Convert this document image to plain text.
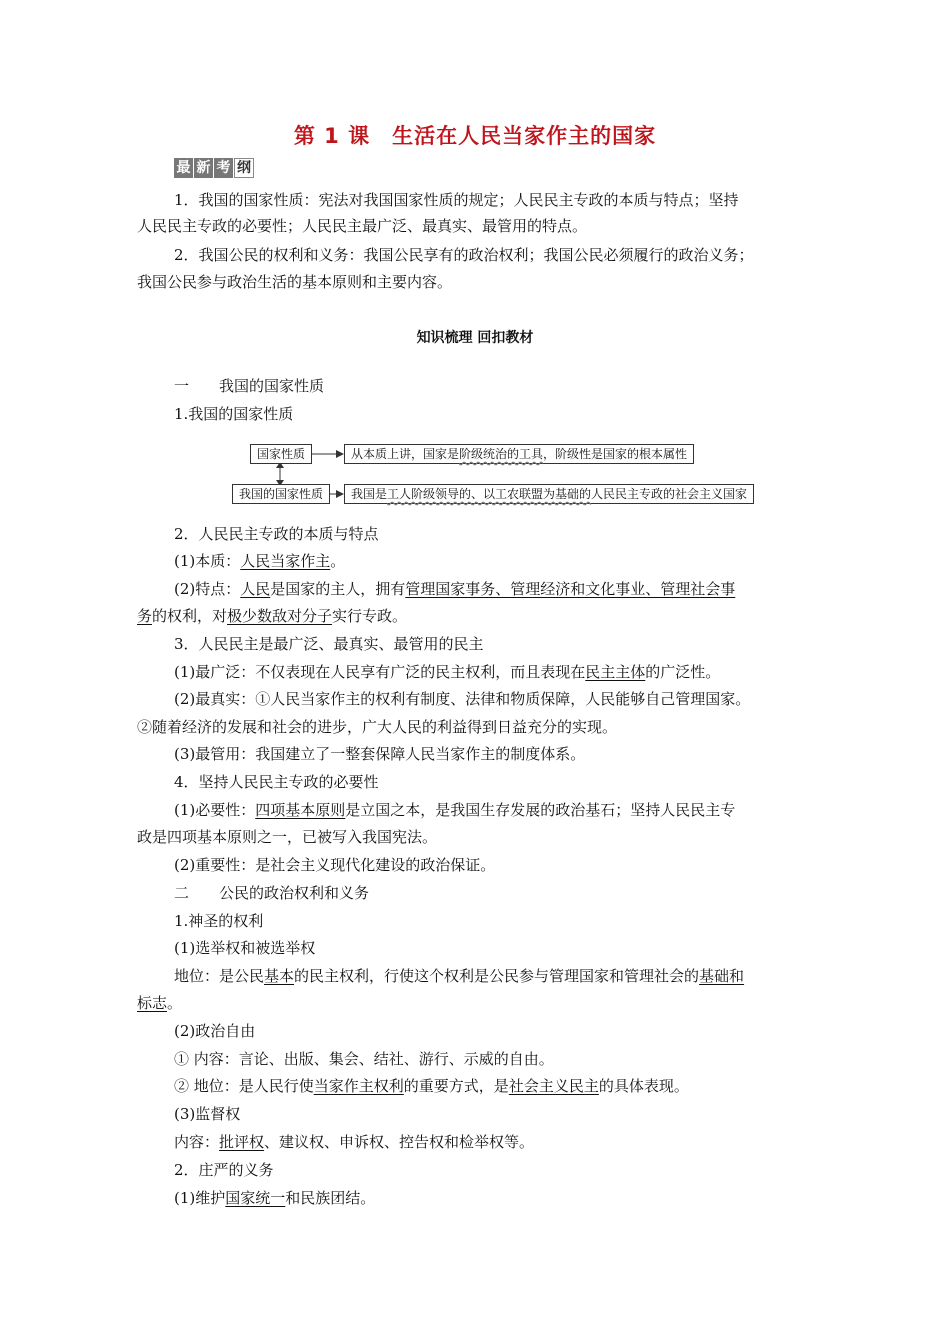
第 1 课　生活在人民当家作主的国家
最 新 考 纲
1．我国的国家性质：宪法对我国国家性质的规定；人民民主专政的本质与特点；坚持
人民民主专政的必要性；人民民主最广泛、最真实、最管用的特点。
2．我国公民的权利和义务：我国公民享有的政治权利；我国公民必须履行的政治义务；
我国公民参与政治生活的基本原则和主要内容。
知识梳理 回扣教材
一　　我国的国家性质
1.我国的国家性质
国家性质	从本质上讲，国家是阶级统治的工具，阶级性是国家的根本属性
我国的国家性质	我国是工人阶级领导的、以工农联盟为基础的人民民主专政的社会主义国家
2．人民民主专政的本质与特点
(1)本质：人民当家作主。
(2)特点：人民是国家的主人，拥有管理国家事务、管理经济和文化事业、管理社会事
务的权利，对极少数敌对分子实行专政。
3．人民民主是最广泛、最真实、最管用的民主
(1)最广泛：不仅表现在人民享有广泛的民主权利，而且表现在民主主体的广泛性。
(2)最真实：①人民当家作主的权利有制度、法律和物质保障，人民能够自己管理国家。
②随着经济的发展和社会的进步，广大人民的利益得到日益充分的实现。
(3)最管用：我国建立了一整套保障人民当家作主的制度体系。
4．坚持人民民主专政的必要性
(1)必要性：四项基本原则是立国之本，是我国生存发展的政治基石；坚持人民民主专
政是四项基本原则之一，已被写入我国宪法。
(2)重要性：是社会主义现代化建设的政治保证。
二　　公民的政治权利和义务
1.神圣的权利
(1)选举权和被选举权
地位：是公民基本的民主权利，行使这个权利是公民参与管理国家和管理社会的基础和
标志。
(2)政治自由
① 内容：言论、出版、集会、结社、游行、示威的自由。
② 地位：是人民行使当家作主权利的重要方式，是社会主义民主的具体表现。
(3)监督权
内容：批评权、建议权、申诉权、控告权和检举权等。
2．庄严的义务
(1)维护国家统一和民族团结。
